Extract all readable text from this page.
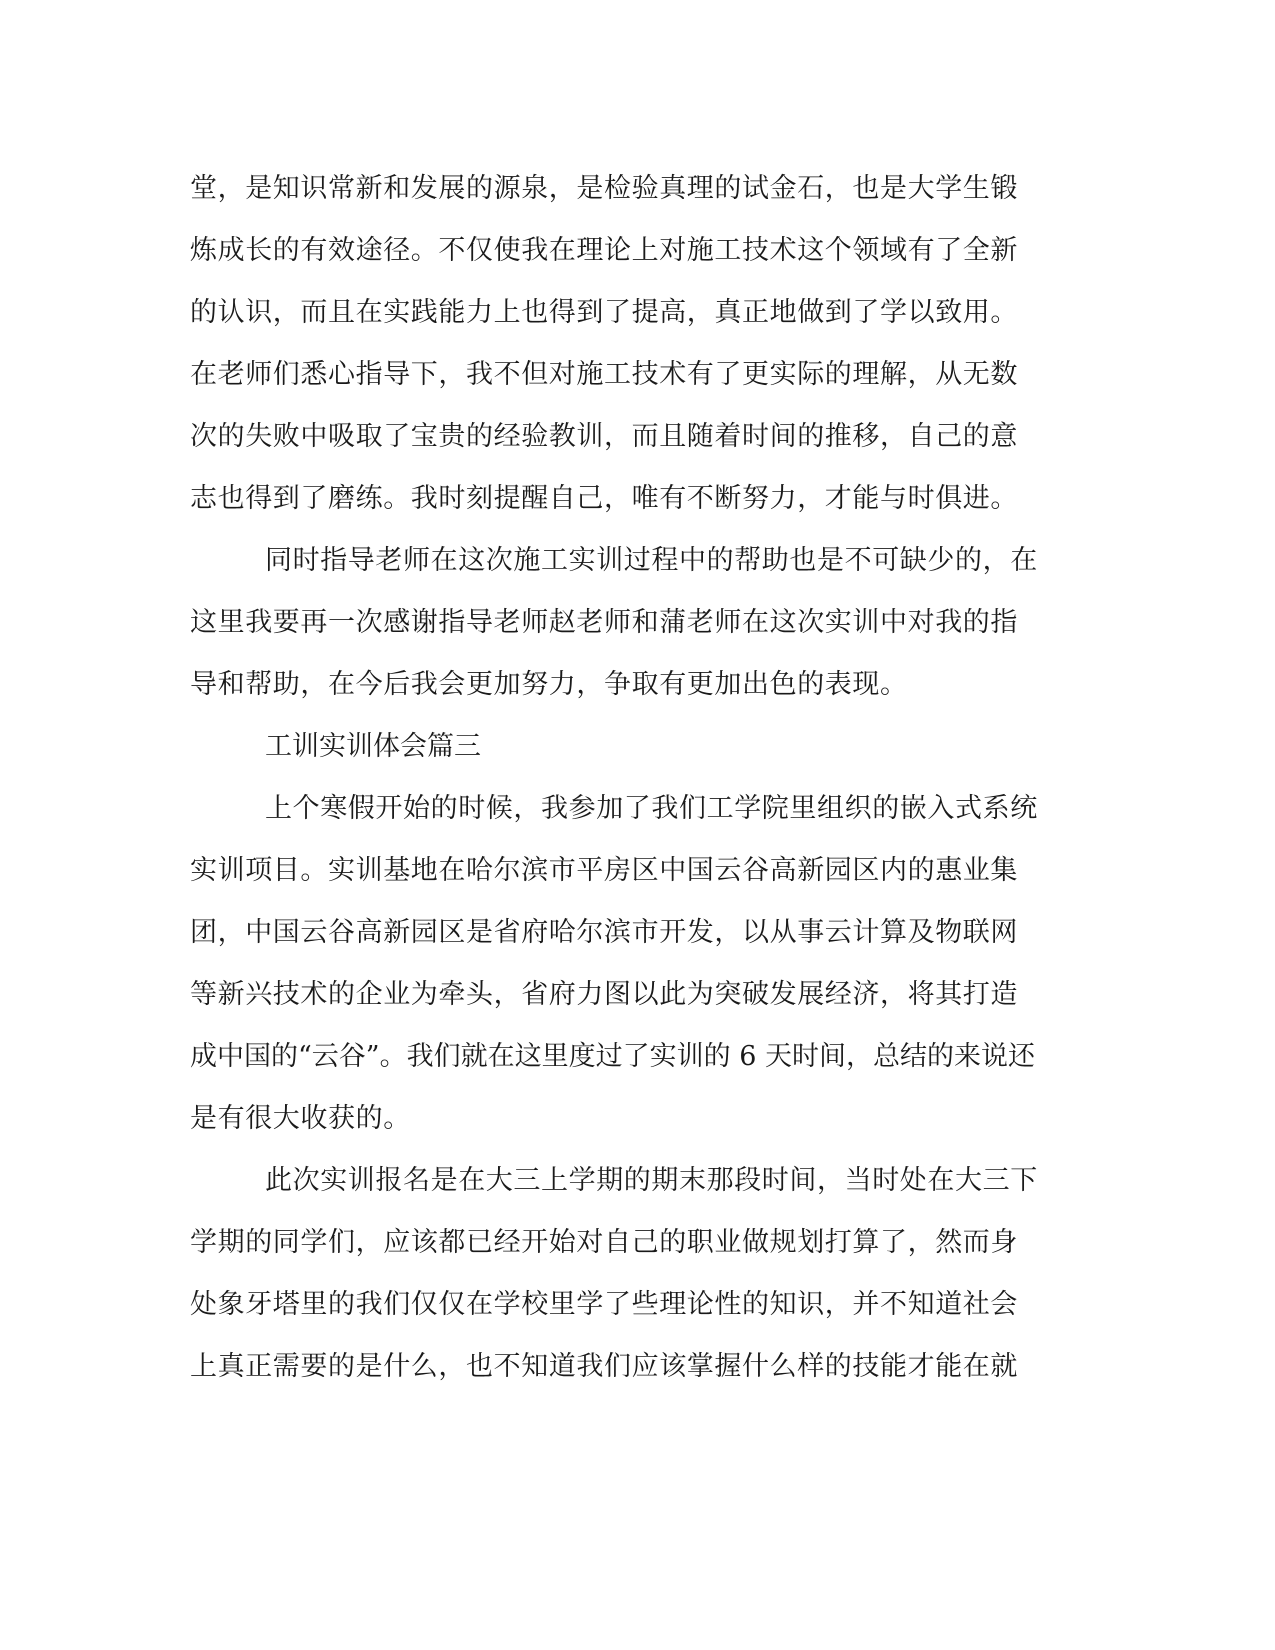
堂，是知识常新和发展的源泉，是检验真理的试金石，也是大学生锻
炼成长的有效途径。不仅使我在理论上对施工技术这个领域有了全新
的认识，而且在实践能力上也得到了提高，真正地做到了学以致用。
在老师们悉心指导下，我不但对施工技术有了更实际的理解，从无数
次的失败中吸取了宝贵的经验教训，而且随着时间的推移，自己的意
志也得到了磨练。我时刻提醒自己，唯有不断努力，才能与时俱进。
同时指导老师在这次施工实训过程中的帮助也是不可缺少的，在
这里我要再一次感谢指导老师赵老师和蒲老师在这次实训中对我的指
导和帮助，在今后我会更加努力，争取有更加出色的表现。
工训实训体会篇三
上个寒假开始的时候，我参加了我们工学院里组织的嵌入式系统
实训项目。实训基地在哈尔滨市平房区中国云谷高新园区内的惠业集
团，中国云谷高新园区是省府哈尔滨市开发，以从事云计算及物联网
等新兴技术的企业为牵头，省府力图以此为突破发展经济，将其打造
成中国的“云谷”。我们就在这里度过了实训的 6 天时间，总结的来说还
是有很大收获的。
此次实训报名是在大三上学期的期末那段时间，当时处在大三下
学期的同学们，应该都已经开始对自己的职业做规划打算了，然而身
处象牙塔里的我们仅仅在学校里学了些理论性的知识，并不知道社会
上真正需要的是什么，也不知道我们应该掌握什么样的技能才能在就
